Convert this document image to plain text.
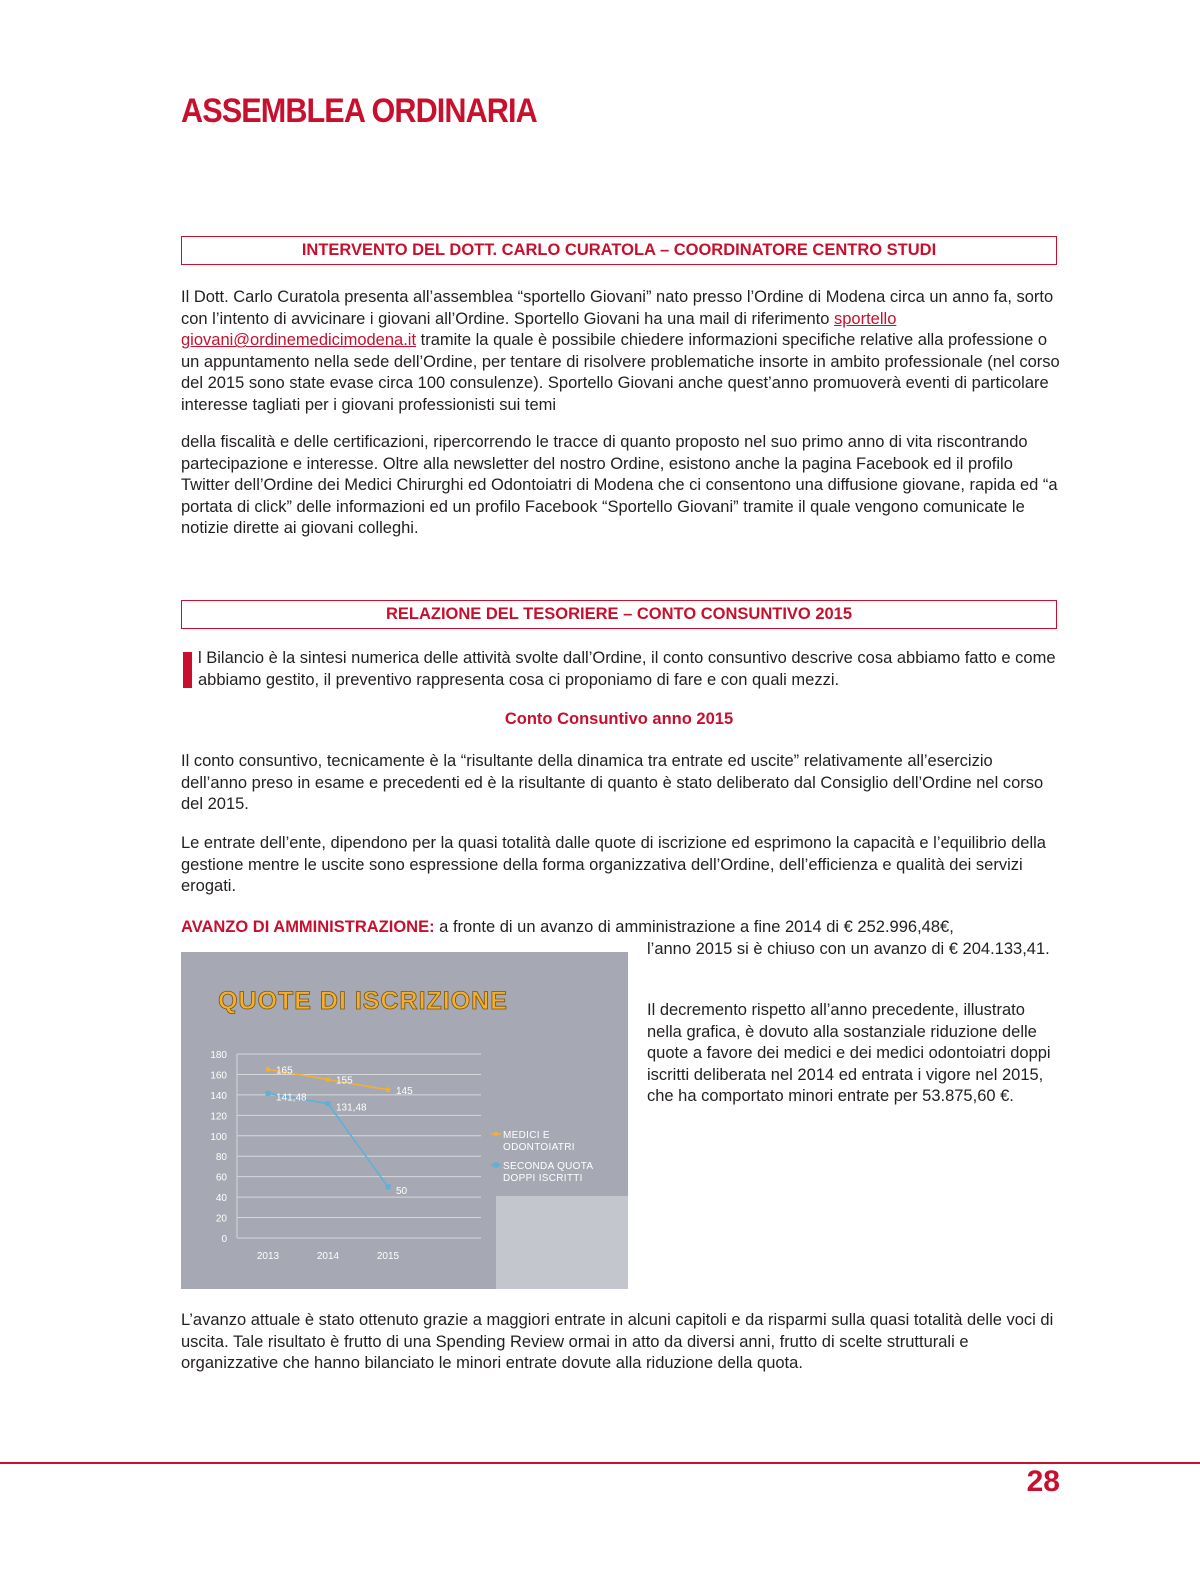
ASSEMBLEA ORDINARIA
INTERVENTO DEL DOTT. CARLO CURATOLA – COORDINATORE CENTRO STUDI

Il Dott. Carlo Curatola presenta all’assemblea “sportello Giovani” nato presso l’Ordine di Modena circa un anno fa, sorto con l’intento di avvicinare i giovani all’Ordine. Sportello Giovani ha una mail di riferimento sportello giovani@ordinemedicimodena.it tramite la quale è possibile chiedere informazioni specifiche relative alla professione o un appuntamento nella sede dell’Ordine, per tentare di risolvere problematiche insorte in ambito professionale (nel corso del 2015 sono state evase circa 100 consulenze). Sportello Giovani anche quest’anno promuoverà eventi di particolare interesse tagliati per i giovani professionisti sui temi

della fiscalità e delle certificazioni, ripercorrendo le tracce di quanto proposto nel suo primo anno di vita riscontrando partecipazione e interesse. Oltre alla newsletter del nostro Ordine, esistono anche la pagina Facebook ed il profilo Twitter dell’Ordine dei Medici Chirurghi ed Odontoiatri di Modena che ci consentono una diffusione giovane, rapida ed “a portata di click” delle informazioni ed un profilo Facebook “Sportello Giovani” tramite il quale vengono comunicate le notizie dirette ai giovani colleghi.

RELAZIONE DEL TESORIERE – CONTO CONSUNTIVO 2015

l Bilancio è la sintesi numerica delle attività svolte dall’Ordine, il conto consuntivo descrive cosa abbiamo fatto e come abbiamo gestito, il preventivo rappresenta cosa ci proponiamo di fare e con quali mezzi.

Conto Consuntivo anno 2015

Il conto consuntivo, tecnicamente è la “risultante della dinamica tra entrate ed uscite” relativamente all’esercizio dell’anno preso in esame e precedenti ed è la risultante di quanto è stato deliberato dal Consiglio dell’Ordine nel corso del 2015.

Le entrate dell’ente, dipendono per la quasi totalità dalle quote di iscrizione ed esprimono la capacità e l’equilibrio della gestione mentre le uscite sono espressione della forma organizzativa dell’Ordine, dell’efficienza e qualità dei servizi erogati.

AVANZO DI AMMINISTRAZIONE: a fronte di un avanzo di amministrazione a fine 2014 di € 252.996,48€,

l’anno 2015 si è chiuso con un avanzo di € 204.133,41.

Il decremento rispetto all’anno precedente, illustrato nella grafica, è dovuto alla sostanziale riduzione delle quote a favore dei medici e dei medici odontoiatri doppi iscritti deliberata nel 2014 ed entrata i vigore nel 2015, che ha comportato minori entrate per 53.875,60 €.

QUOTE DI ISCRIZIONE
0
20
40
60
80
100
120
140
160
180
2013	2014	2015
165
155
145
141,48
131,48
50
MEDICI E ODONTOIATRI
SECONDA QUOTA DOPPI ISCRITTI

L’avanzo attuale è stato ottenuto grazie a maggiori entrate in alcuni capitoli e da risparmi sulla quasi totalità delle voci di uscita. Tale risultato è frutto di una Spending Review ormai in atto da diversi anni, frutto di scelte strutturali e organizzative che hanno bilanciato le minori entrate dovute alla riduzione della quota.

28
